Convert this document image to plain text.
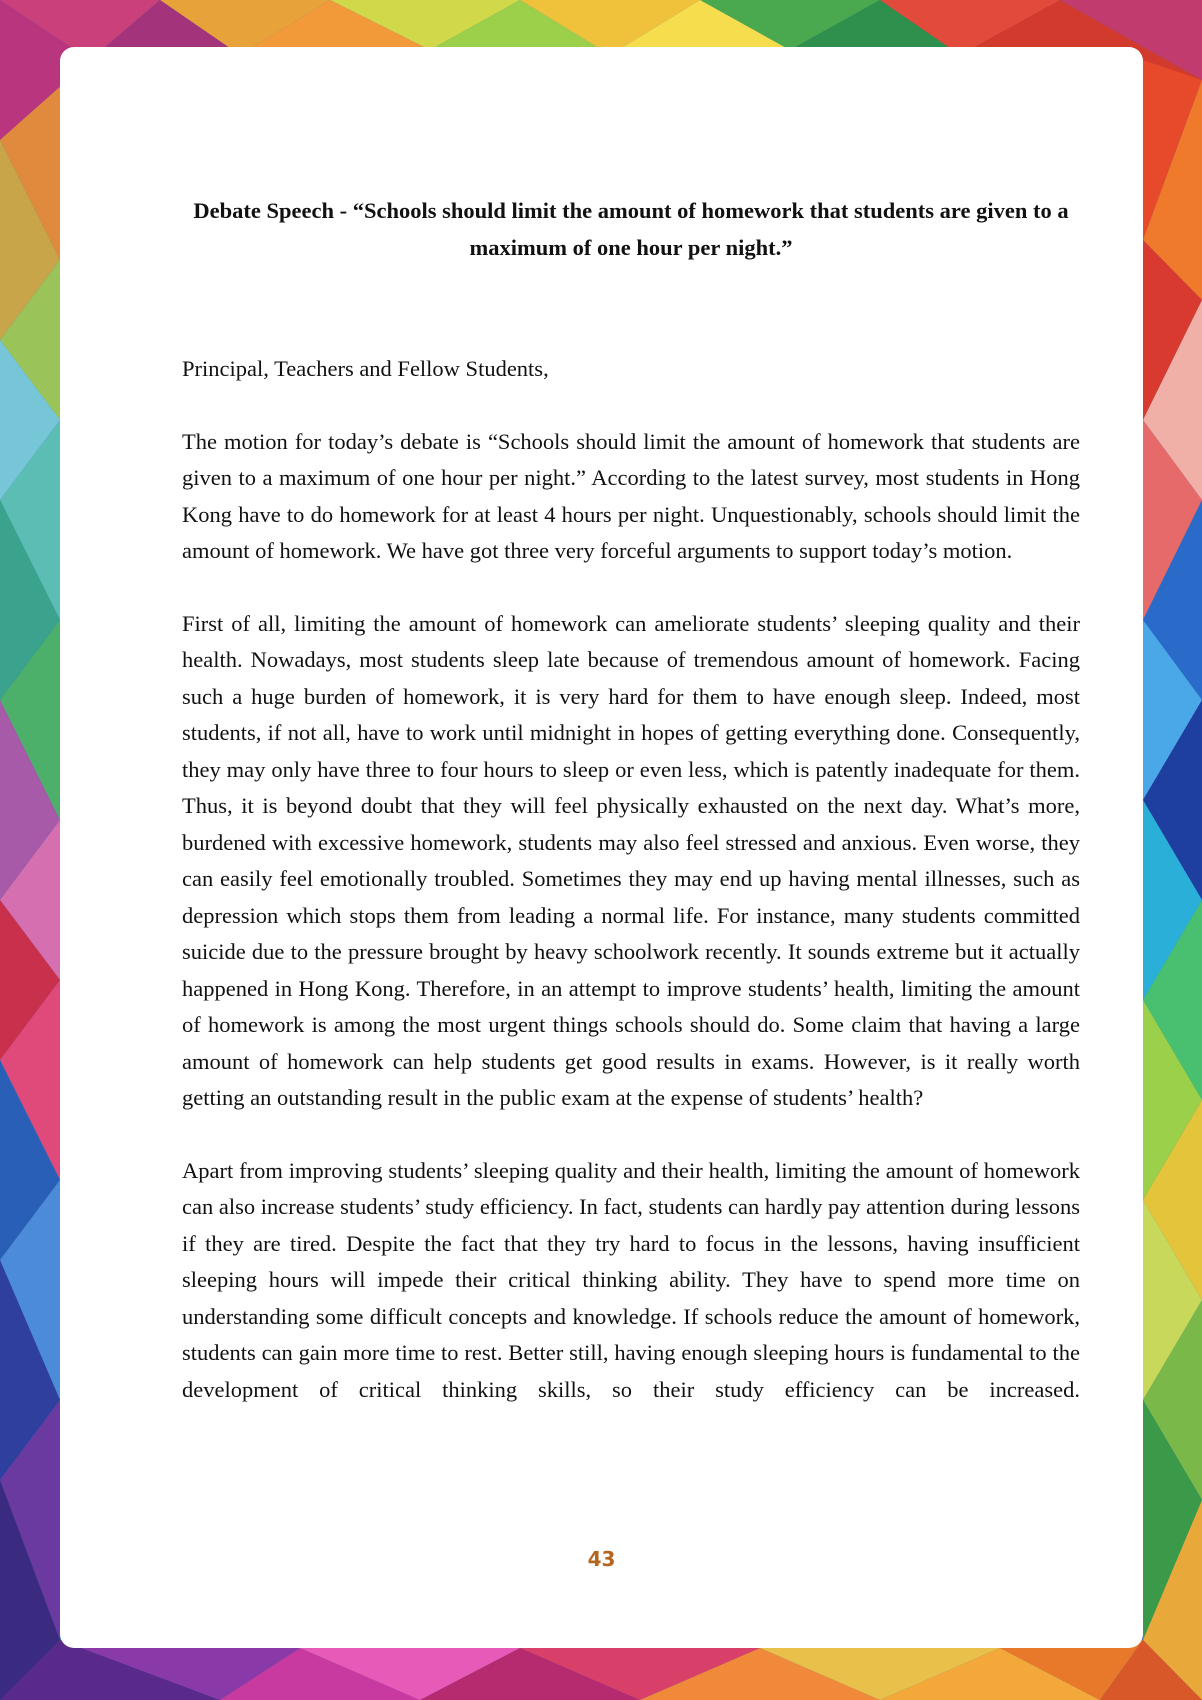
Debate Speech - “Schools should limit the amount of homework that students are given to a maximum of one hour per night.”
Principal, Teachers and Fellow Students,
The motion for today’s debate is “Schools should limit the amount of homework that students are given to a maximum of one hour per night.” According to the latest survey, most students in Hong Kong have to do homework for at least 4 hours per night. Unquestionably, schools should limit the amount of homework. We have got three very forceful arguments to support today’s motion.
First of all, limiting the amount of homework can ameliorate students’ sleeping quality and their health. Nowadays, most students sleep late because of tremendous amount of homework. Facing such a huge burden of homework, it is very hard for them to have enough sleep. Indeed, most students, if not all, have to work until midnight in hopes of getting everything done. Consequently, they may only have three to four hours to sleep or even less, which is patently inadequate for them. Thus, it is beyond doubt that they will feel physically exhausted on the next day. What’s more, burdened with excessive homework, students may also feel stressed and anxious. Even worse, they can easily feel emotionally troubled. Sometimes they may end up having mental illnesses, such as depression which stops them from leading a normal life. For instance, many students committed suicide due to the pressure brought by heavy schoolwork recently. It sounds extreme but it actually happened in Hong Kong. Therefore, in an attempt to improve students’ health, limiting the amount of homework is among the most urgent things schools should do. Some claim that having a large amount of homework can help students get good results in exams. However, is it really worth getting an outstanding result in the public exam at the expense of students’ health?
Apart from improving students’ sleeping quality and their health, limiting the amount of homework can also increase students’ study efficiency. In fact, students can hardly pay attention during lessons if they are tired. Despite the fact that they try hard to focus in the lessons, having insufficient sleeping hours will impede their critical thinking ability. They have to spend more time on understanding some difficult concepts and knowledge. If schools reduce the amount of homework, students can gain more time to rest. Better still, having enough sleeping hours is fundamental to the development of critical thinking skills, so their study efficiency can be increased.
43
